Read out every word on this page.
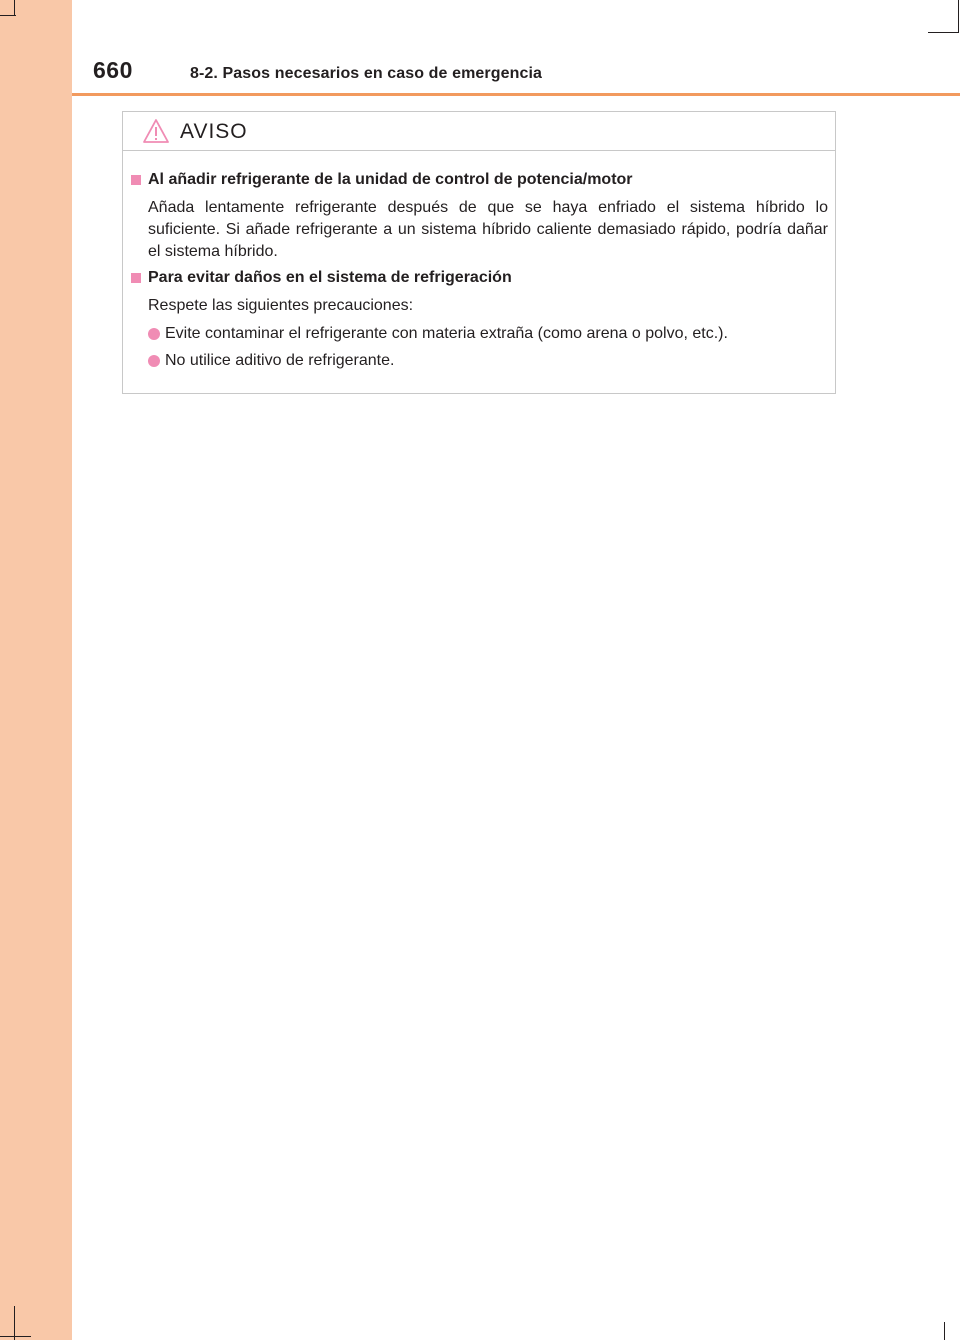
660	8-2. Pasos necesarios en caso de emergencia
AVISO
Al añadir refrigerante de la unidad de control de potencia/motor
Añada lentamente refrigerante después de que se haya enfriado el sistema híbrido lo suficiente. Si añade refrigerante a un sistema híbrido caliente demasiado rápido, podría dañar el sistema híbrido.
Para evitar daños en el sistema de refrigeración
Respete las siguientes precauciones:
Evite contaminar el refrigerante con materia extraña (como arena o polvo, etc.).
No utilice aditivo de refrigerante.
